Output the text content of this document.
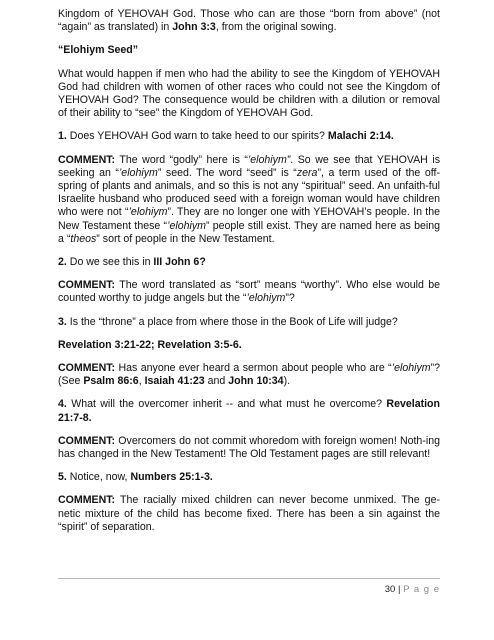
Kingdom of YEHOVAH God. Those who can are those “born from above” (not “again” as translated) in John 3:3, from the original sowing.

“Elohiym Seed”

What would happen if men who had the ability to see the Kingdom of YEHOVAH God had children with women of other races who could not see the Kingdom of YEHOVAH God? The consequence would be children with a dilution or removal of their ability to “see” the Kingdom of YEHOVAH God.

1. Does YEHOVAH God warn to take heed to our spirits? Malachi 2:14.

COMMENT: The word “godly” here is “’elohiym”. So we see that YEHOVAH is seeking an “’elohiym” seed. The word “seed” is “zera”, a term used of the off-spring of plants and animals, and so this is not any “spiritual” seed. An unfaith-ful Israelite husband who produced seed with a foreign woman would have children who were not “’elohiym”. They are no longer one with YEHOVAH’s people. In the New Testament these “’elohiym” people still exist. They are named here as being a “theos” sort of people in the New Testament.

2. Do we see this in III John 6?

COMMENT: The word translated as “sort” means “worthy”. Who else would be counted worthy to judge angels but the “’elohiym”?

3. Is the “throne” a place from where those in the Book of Life will judge?

Revelation 3:21-22; Revelation 3:5-6.

COMMENT: Has anyone ever heard a sermon about people who are “’elohiym”? (See Psalm 86:6, Isaiah 41:23 and John 10:34).

4. What will the overcomer inherit -- and what must he overcome? Revelation 21:7-8.

COMMENT: Overcomers do not commit whoredom with foreign women! Noth-ing has changed in the New Testament! The Old Testament pages are still relevant!

5. Notice, now, Numbers 25:1-3.

COMMENT: The racially mixed children can never become unmixed. The ge-netic mixture of the child has become fixed. There has been a sin against the “spirit” of separation.

30 | P a g e
